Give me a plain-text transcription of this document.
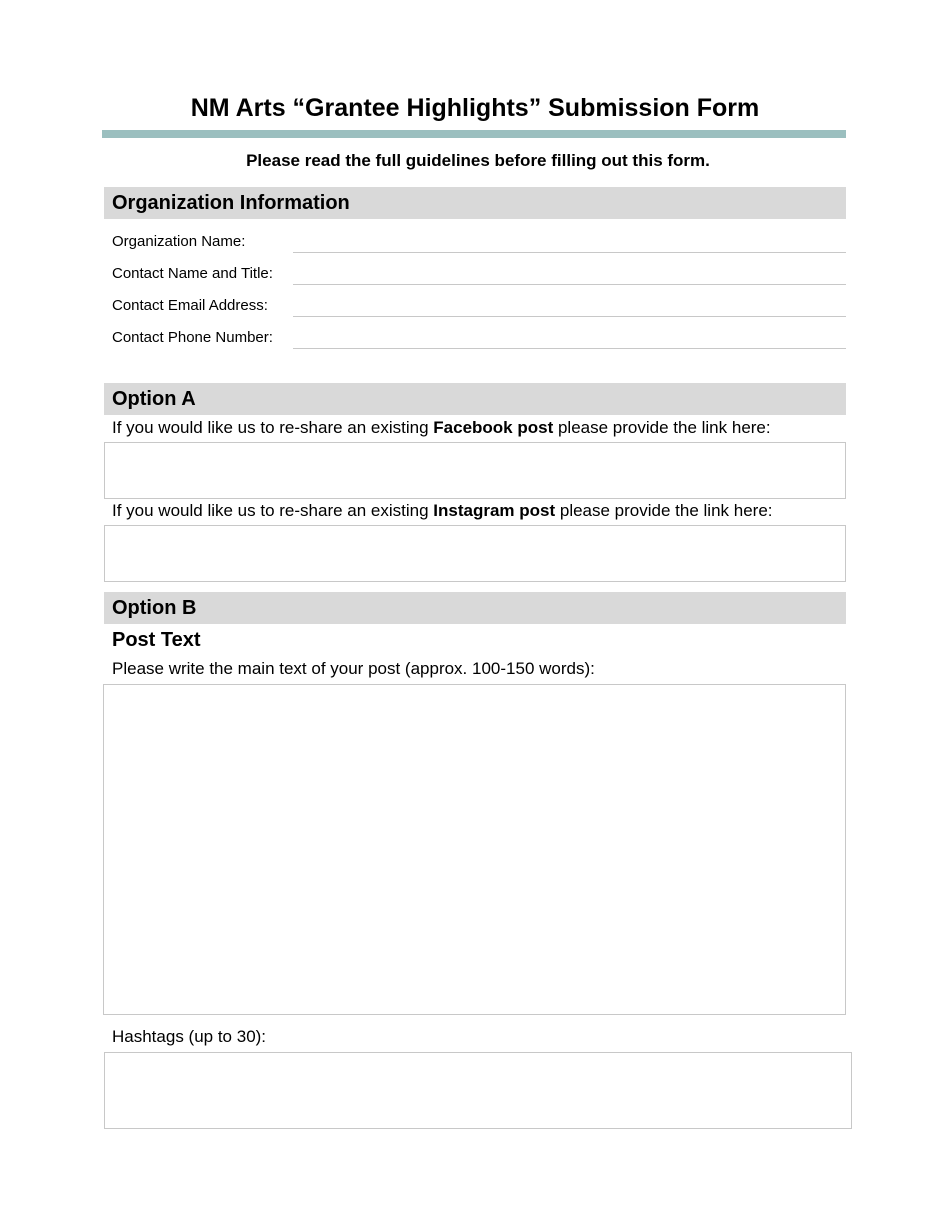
NM Arts “Grantee Highlights” Submission Form
Please read the full guidelines before filling out this form.
Organization Information
Organization Name:
Contact Name and Title:
Contact Email Address:
Contact Phone Number:
Option A
If you would like us to re-share an existing Facebook post please provide the link here:
If you would like us to re-share an existing Instagram post please provide the link here:
Option B
Post Text
Please write the main text of your post (approx. 100-150 words):
Hashtags (up to 30):
